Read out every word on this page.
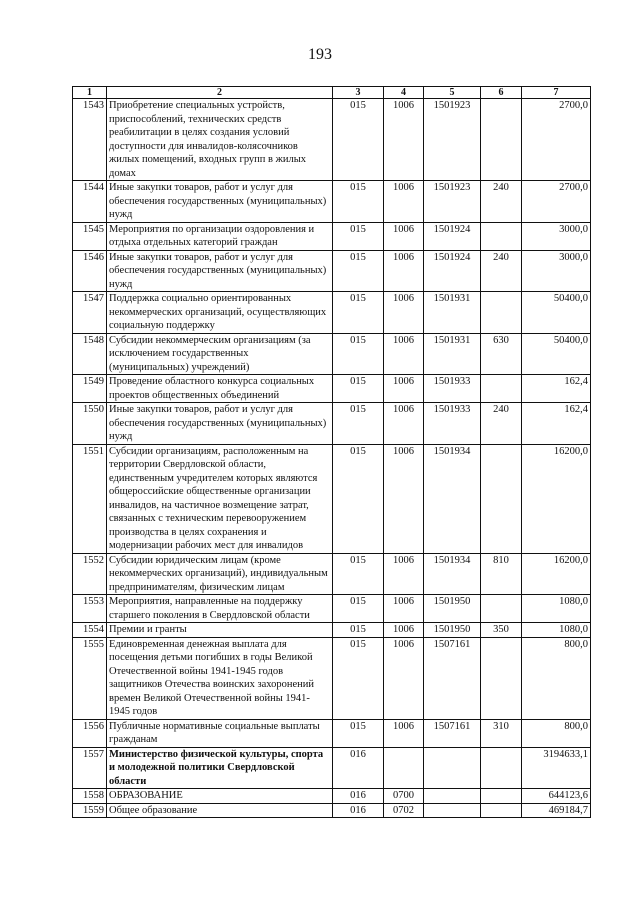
193
1	2	3	4	5	6	7
1543	Приобретение специальных устройств, приспособлений, технических средств реабилитации в целях создания условий доступности для инвалидов-колясочников жилых помещений, входных групп в жилых домах	015	1006	1501923		2700,0
1544	Иные закупки товаров, работ и услуг для обеспечения государственных (муниципальных) нужд	015	1006	1501923	240	2700,0
1545	Мероприятия по организации оздоровления и отдыха отдельных категорий граждан	015	1006	1501924		3000,0
1546	Иные закупки товаров, работ и услуг для обеспечения государственных (муниципальных) нужд	015	1006	1501924	240	3000,0
1547	Поддержка социально ориентированных некоммерческих организаций, осуществляющих социальную поддержку	015	1006	1501931		50400,0
1548	Субсидии некоммерческим организациям (за исключением государственных (муниципальных) учреждений)	015	1006	1501931	630	50400,0
1549	Проведение областного конкурса социальных проектов общественных объединений	015	1006	1501933		162,4
1550	Иные закупки товаров, работ и услуг для обеспечения государственных (муниципальных) нужд	015	1006	1501933	240	162,4
1551	Субсидии организациям, расположенным на территории Свердловской области, единственным учредителем которых являются общероссийские общественные организации инвалидов, на частичное возмещение затрат, связанных с техническим перевооружением производства в целях сохранения и модернизации рабочих мест для инвалидов	015	1006	1501934		16200,0
1552	Субсидии юридическим лицам (кроме некоммерческих организаций), индивидуальным предпринимателям, физическим лицам	015	1006	1501934	810	16200,0
1553	Мероприятия, направленные на поддержку старшего поколения в Свердловской области	015	1006	1501950		1080,0
1554	Премии и гранты	015	1006	1501950	350	1080,0
1555	Единовременная денежная выплата для посещения детьми погибших в годы Великой Отечественной войны 1941-1945 годов защитников Отечества воинских захоронений времен Великой Отечественной войны 1941-1945 годов	015	1006	1507161		800,0
1556	Публичные нормативные социальные выплаты гражданам	015	1006	1507161	310	800,0
1557	Министерство физической культуры, спорта и молодежной политики Свердловской области	016				3194633,1
1558	ОБРАЗОВАНИЕ	016	0700			644123,6
1559	Общее образование	016	0702			469184,7
